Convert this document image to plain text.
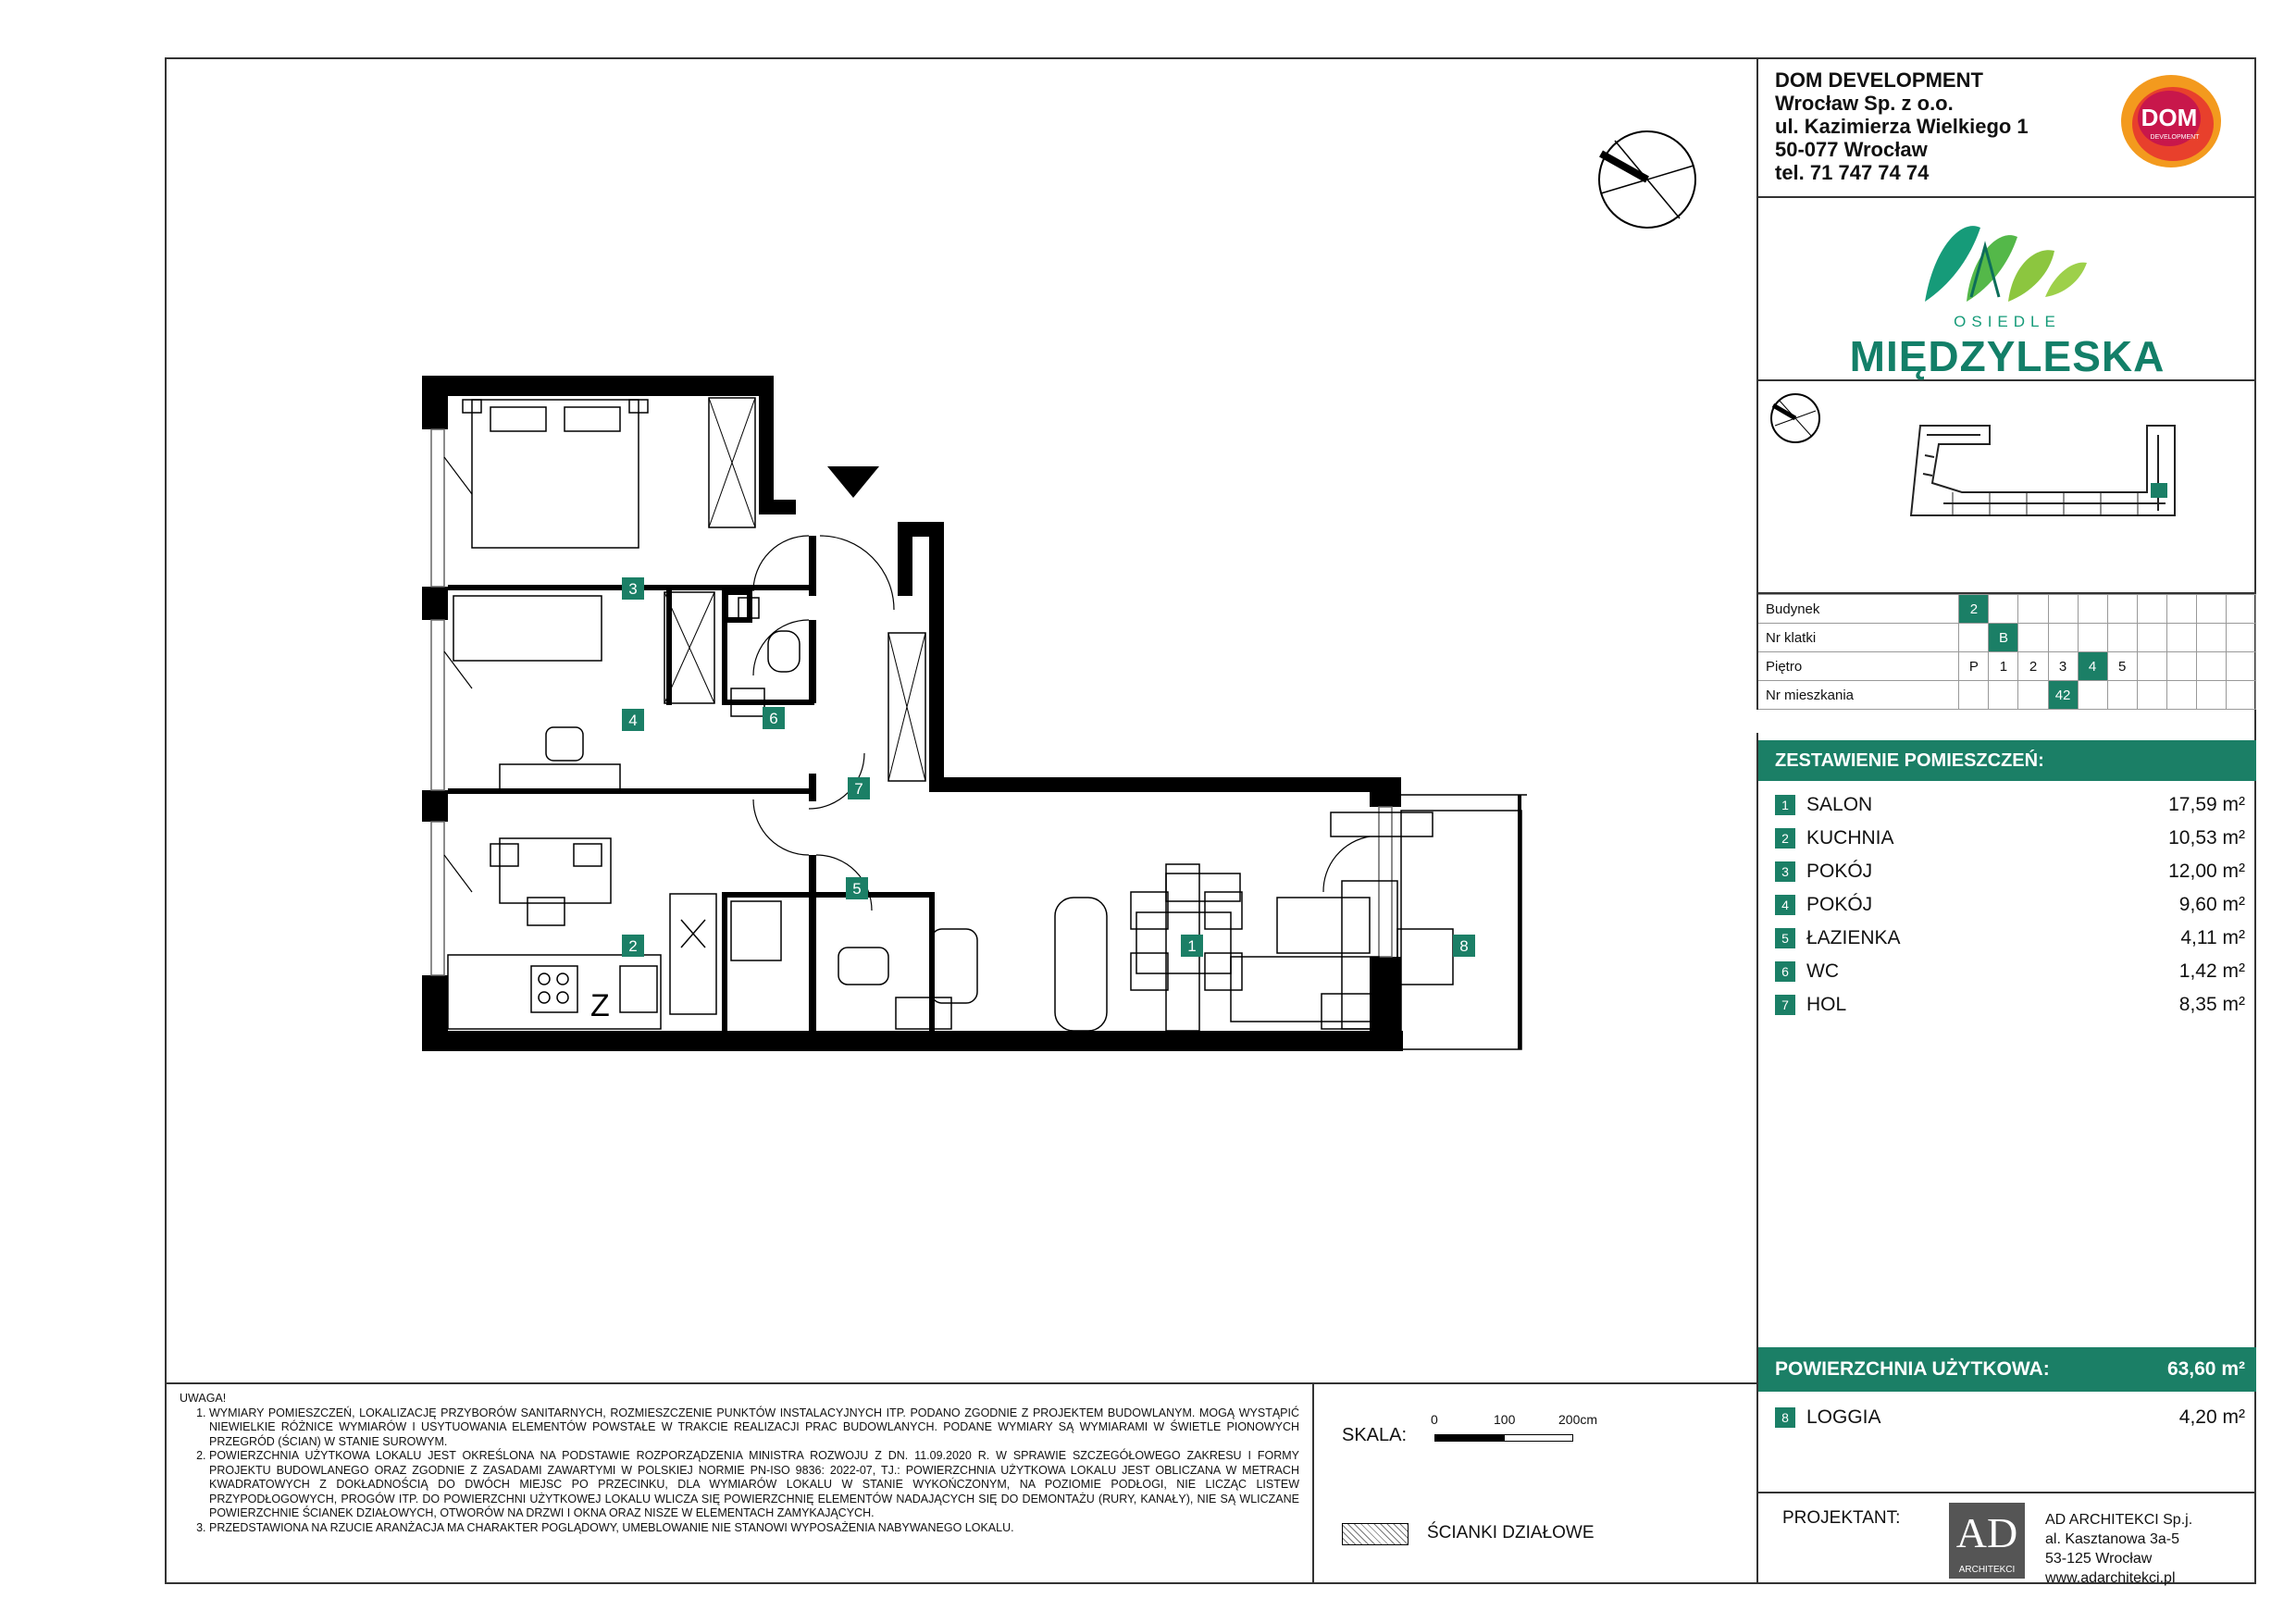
Z
3
4
2
5
6
7
1	8
DOM DEVELOPMENT
Wrocław Sp. z o.o.
ul. Kazimierza Wielkiego 1
50-077 Wrocław
tel. 71 747 74 74
DOM
DEVELOPMENT
OSIEDLE
MIĘDZYLESKA
Budynek	2									
Nr klatki		B								
Piętro	P	1	2	3	4	5				
Nr mieszkania				42						
ZESTAWIENIE POMIESZCZEŃ:
1 SALON	17,59 m²
2 KUCHNIA	10,53 m²
3 POKÓJ	12,00 m²
4 POKÓJ	9,60 m²
5 ŁAZIENKA	4,11 m²
6 WC	1,42 m²
7 HOL	8,35 m²
POWIERZCHNIA UŻYTKOWA:	63,60 m²
8 LOGGIA	4,20 m²
PROJEKTANT: AD
ARCHITEKCI
AD ARCHITEKCI Sp.j.
al. Kasztanowa 3a-5
53-125 Wrocław
www.adarchitekci.pl
UWAGA!
1. WYMIARY POMIESZCZEŃ, LOKALIZACJĘ PRZYBORÓW SANITARNYCH, ROZMIESZCZENIE PUNKTÓW INSTALACYJNYCH ITP. PODANO ZGODNIE Z PROJEKTEM BUDOWLANYM. MOGĄ WYSTĄPIĆ NIEWIELKIE RÓŻNICE WYMIARÓW I USYTUOWANIA ELEMENTÓW POWSTAŁE W TRAKCIE REALIZACJI PRAC BUDOWLANYCH. PODANE WYMIARY SĄ WYMIARAMI W ŚWIETLE PIONOWYCH PRZEGRÓD (ŚCIAN) W STANIE SUROWYM.
2. POWIERZCHNIA UŻYTKOWA LOKALU JEST OKREŚLONA NA PODSTAWIE ROZPORZĄDZENIA MINISTRA ROZWOJU Z DN. 11.09.2020 R. W SPRAWIE SZCZEGÓŁOWEGO ZAKRESU I FORMY PROJEKTU BUDOWLANEGO ORAZ ZGODNIE Z ZASADAMI ZAWARTYMI W POLSKIEJ NORMIE PN-ISO 9836: 2022-07, TJ.: POWIERZCHNIA UŻYTKOWA LOKALU JEST OBLICZANA W METRACH KWADRATOWYCH Z DOKŁADNOŚCIĄ DO DWÓCH MIEJSC PO PRZECINKU, DLA WYMIARÓW LOKALU W STANIE WYKOŃCZONYM, NA POZIOMIE PODŁOGI, NIE LICZĄC LISTEW PRZYPODŁOGOWYCH, PROGÓW ITP. DO POWIERZCHNI UŻYTKOWEJ LOKALU WLICZA SIĘ POWIERZCHNIĘ ELEMENTÓW NADAJĄCYCH SIĘ DO DEMONTAŻU (RURY, KANAŁY), NIE SĄ WLICZANE POWIERZCHNIE ŚCIANEK DZIAŁOWYCH, OTWORÓW NA DRZWI I OKNA ORAZ NISZE W ELEMENTACH ZAMYKAJĄCYCH.
3. PRZEDSTAWIONA NA RZUCIE ARANŻACJA MA CHARAKTER POGLĄDOWY, UMEBLOWANIE NIE STANOWI WYPOSAŻENIA NABYWANEGO LOKALU.
SKALA:
0	100	200cm
ŚCIANKI DZIAŁOWE
